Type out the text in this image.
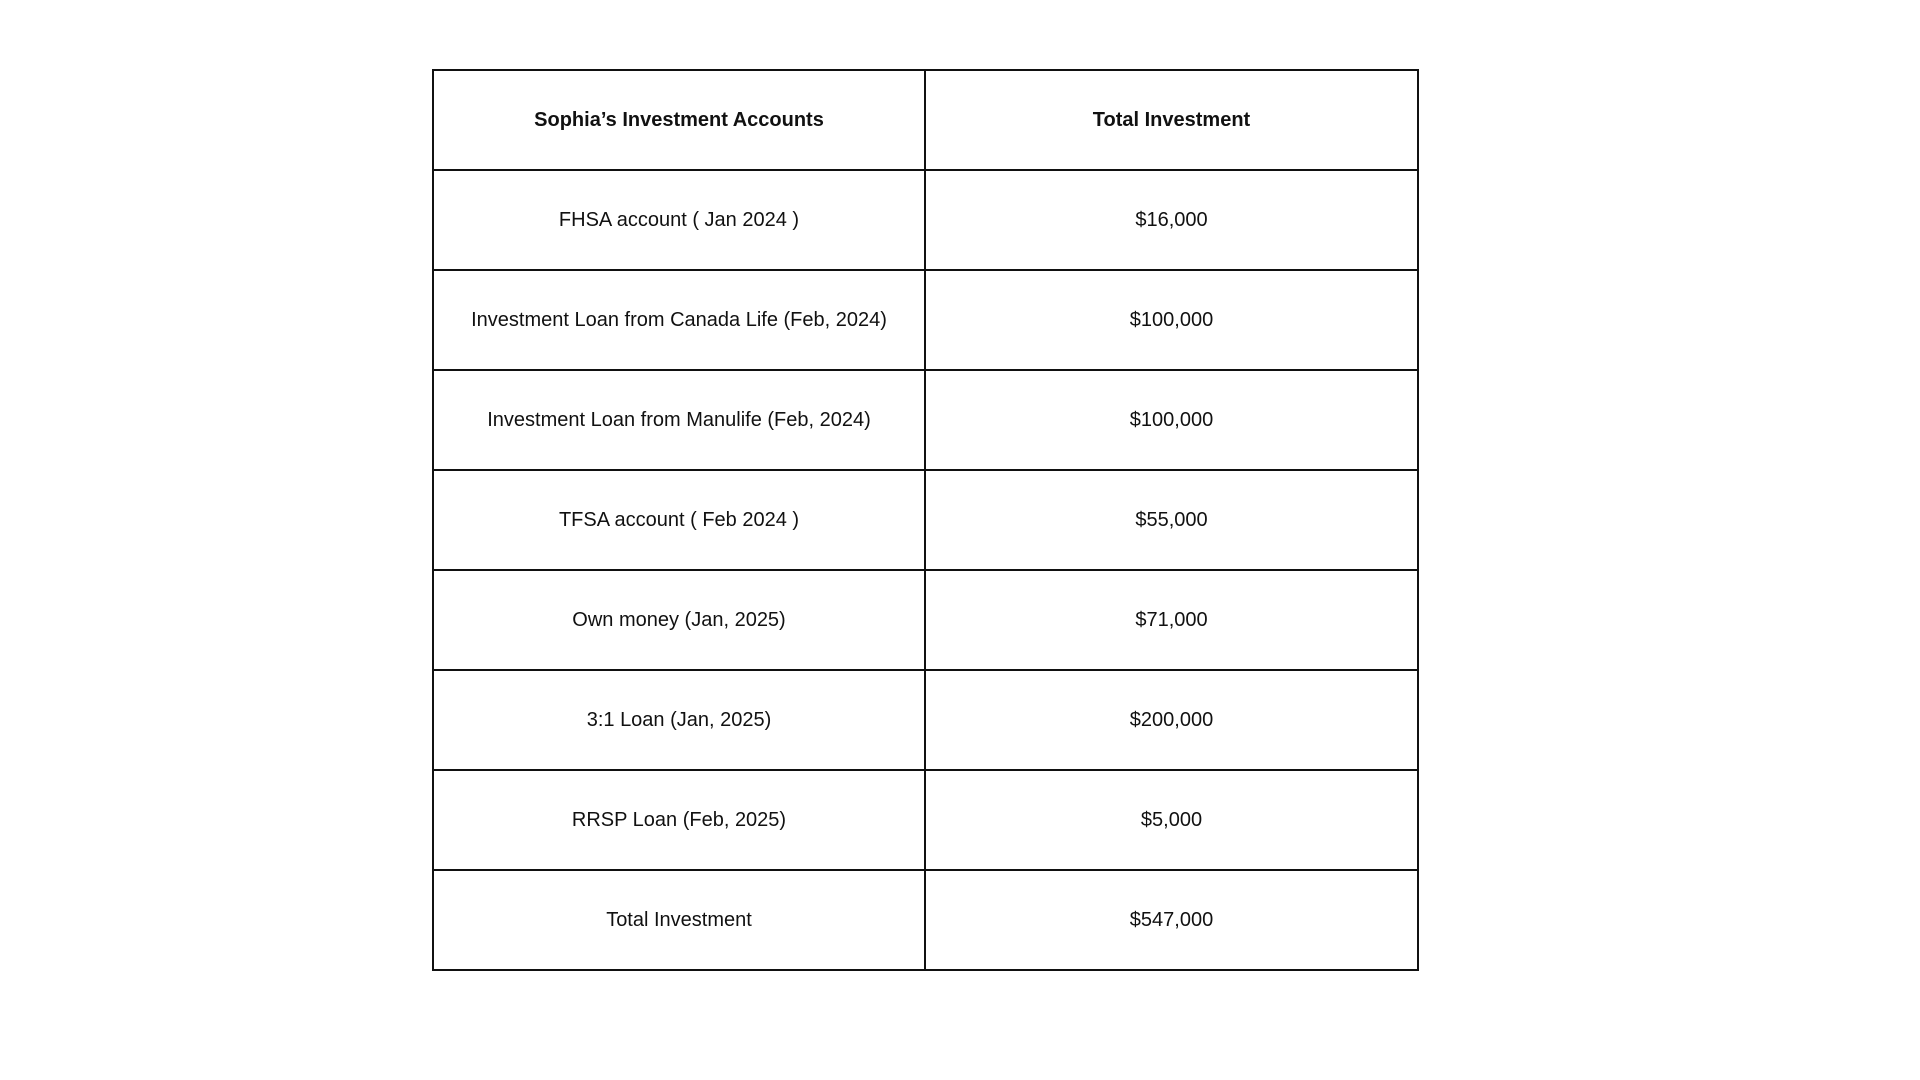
Sophia’s Investment Accounts	Total Investment
FHSA account ( Jan 2024 )	$16,000
Investment Loan from Canada Life (Feb, 2024)	$100,000
Investment Loan from Manulife (Feb, 2024)	$100,000
TFSA account ( Feb 2024 )	$55,000
Own money (Jan, 2025)	$71,000
3:1 Loan (Jan, 2025)	$200,000
RRSP Loan (Feb, 2025)	$5,000
Total Investment	$547,000
